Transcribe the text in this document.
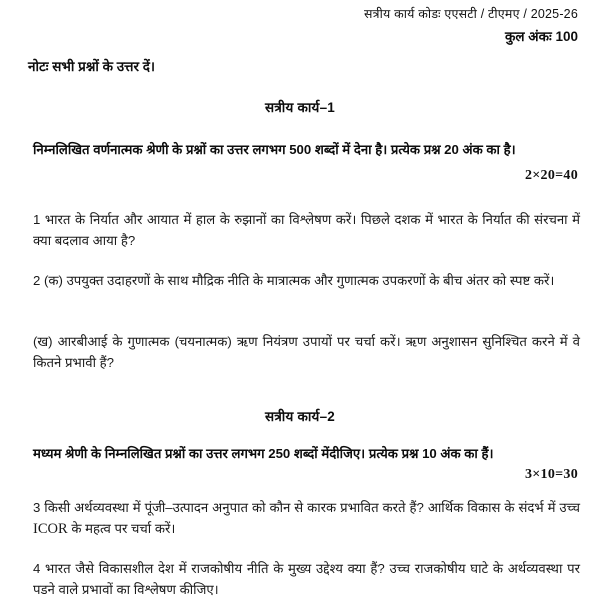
सत्रीय कार्य कोडः एएसटी / टीएमए / 2025-26
कुल अंकः 100
नोटः सभी प्रश्नों के उत्तर दें।
सत्रीय कार्य–1
निम्नलिखित वर्णनात्मक श्रेणी के प्रश्नों का उत्तर लगभग 500 शब्दों में देना है। प्रत्येक प्रश्न 20 अंक का है।
2×20=40
1 भारत के निर्यात और आयात में हाल के रुझानों का विश्लेषण करें। पिछले दशक में भारत के निर्यात की संरचना में क्या बदलाव आया है?
2 (क) उपयुक्त उदाहरणों के साथ मौद्रिक नीति के मात्रात्मक और गुणात्मक उपकरणों के बीच अंतर को स्पष्ट करें।
(ख) आरबीआई के गुणात्मक (चयनात्मक) ऋण नियंत्रण उपायों पर चर्चा करें। ऋण अनुशासन सुनिश्चित करने में वे कितने प्रभावी हैं?
सत्रीय कार्य–2
मध्यम श्रेणी के निम्नलिखित प्रश्नों का उत्तर लगभग 250 शब्दों मेंदीजिए। प्रत्येक प्रश्न 10 अंक का हैं।
3×10=30
3 किसी अर्थव्यवस्था में पूंजी–उत्पादन अनुपात को कौन से कारक प्रभावित करते हैं? आर्थिक विकास के संदर्भ में उच्च ICOR के महत्व पर चर्चा करें।
4 भारत जैसे विकासशील देश में राजकोषीय नीति के मुख्य उद्देश्य क्या हैं? उच्च राजकोषीय घाटे के अर्थव्यवस्था पर पडने वाले प्रभावों का विश्लेषण कीजिए।
